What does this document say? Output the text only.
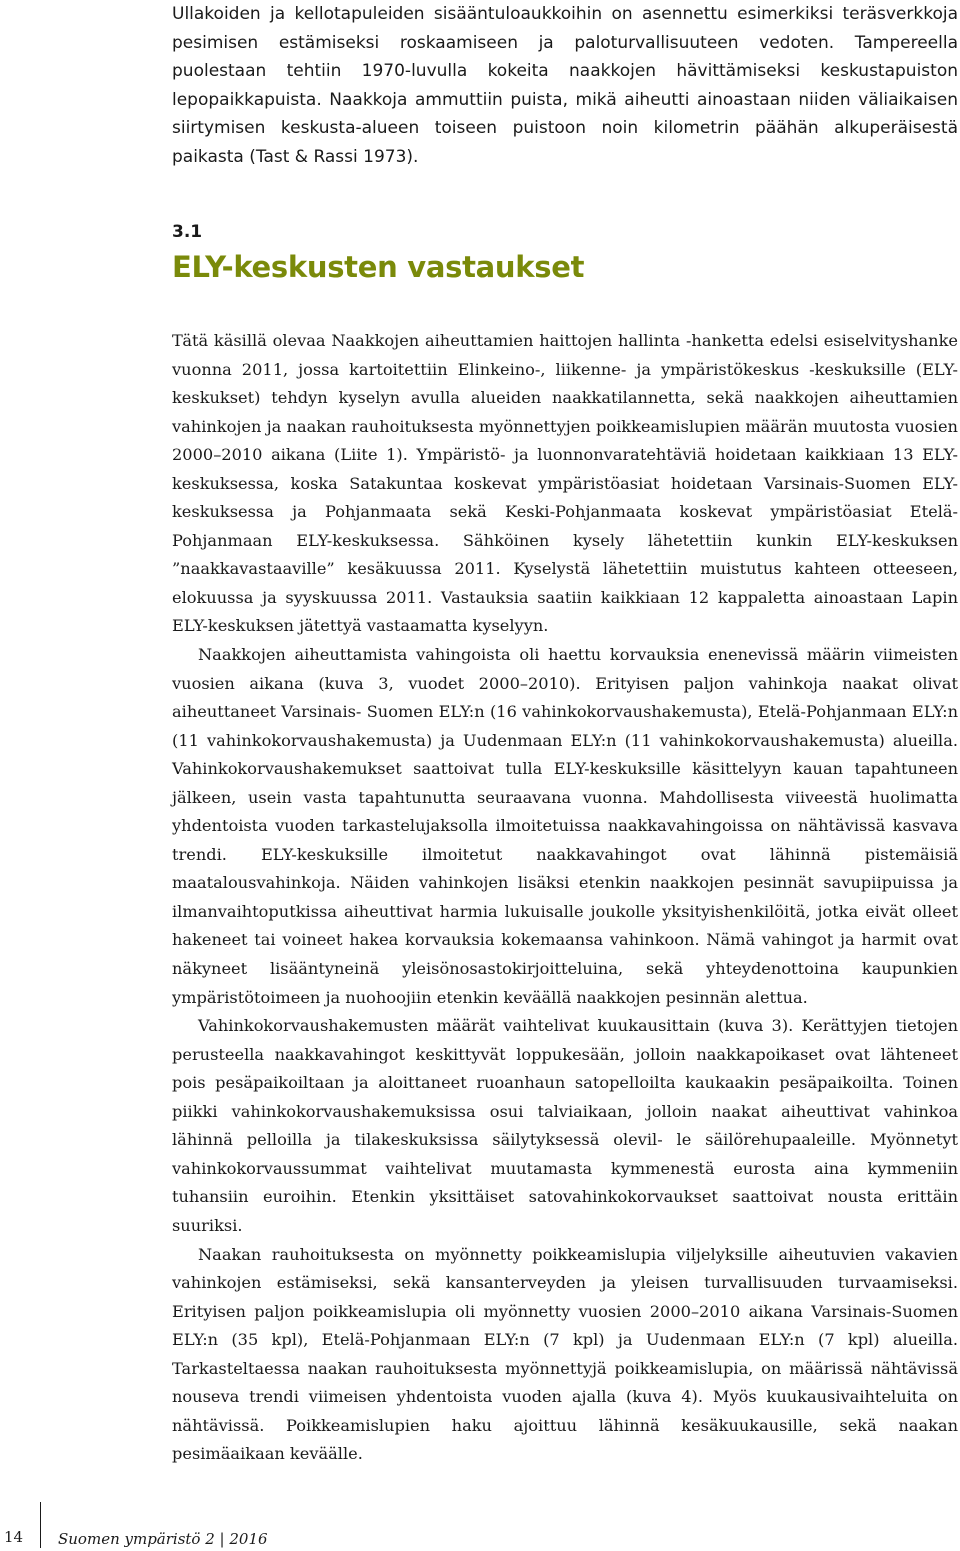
Ullakoiden ja kellotapuleiden sisääntuloaukkoihin on asennettu esimerkiksi teräsverkkoja pesimisen estämiseksi roskaamiseen ja paloturvallisuuteen vedoten. Tampereella puolestaan tehtiin 1970-luvulla kokeita naakkojen hävittämiseksi keskustapuiston lepopaikkapuista. Naakkoja ammuttiin puista, mikä aiheutti ainoastaan niiden väliaikaisen siirtymisen keskusta-alueen toiseen puistoon noin kilometrin päähän alkuperäisestä paikasta (Tast & Rassi 1973).

3.1
ELY-keskusten vastaukset

Tätä käsillä olevaa Naakkojen aiheuttamien haittojen hallinta -hanketta edelsi esiselvityshanke vuonna 2011, jossa kartoitettiin Elinkeino-, liikenne- ja ympäristökeskus -keskuksille (ELY-keskukset) tehdyn kyselyn avulla alueiden naakkatilannetta, sekä naakkojen aiheuttamien vahinkojen ja naakan rauhoituksesta myönnettyjen poikkeamislupien määrän muutosta vuosien 2000–2010 aikana (Liite 1). Ympäristö- ja luonnonvaratehtäviä hoidetaan kaikkiaan 13 ELY-keskuksessa, koska Satakuntaa koskevat ympäristöasiat hoidetaan Varsinais-Suomen ELY-keskuksessa ja Pohjanmaata sekä Keski-Pohjanmaata koskevat ympäristöasiat Etelä-Pohjanmaan ELY-keskuksessa. Sähköinen kysely lähetettiin kunkin ELY-keskuksen ”naakkavastaaville” kesäkuussa 2011. Kyselystä lähetettiin muistutus kahteen otteeseen, elokuussa ja syyskuussa 2011. Vastauksia saatiin kaikkiaan 12 kappaletta ainoastaan Lapin ELY-keskuksen jätettyä vastaamatta kyselyyn.

Naakkojen aiheuttamista vahingoista oli haettu korvauksia enenevissä määrin viimeisten vuosien aikana (kuva 3, vuodet 2000–2010). Erityisen paljon vahinkoja naakat olivat aiheuttaneet Varsinais- Suomen ELY:n (16 vahinkokorvaushakemusta), Etelä-Pohjanmaan ELY:n (11 vahinkokorvaushakemusta) ja Uudenmaan ELY:n (11 vahinkokorvaushakemusta) alueilla. Vahinkokorvaushakemukset saattoivat tulla ELY-keskuksille käsittelyyn kauan tapahtuneen jälkeen, usein vasta tapahtunutta seuraavana vuonna. Mahdollisesta viiveestä huolimatta yhdentoista vuoden tarkastelujaksolla ilmoitetuissa naakkavahingoissa on nähtävissä kasvava trendi. ELY-keskuksille ilmoitetut naakkavahingot ovat lähinnä pistemäisiä maatalousvahinkoja. Näiden vahinkojen lisäksi etenkin naakkojen pesinnät savupiipuissa ja ilmanvaihtoputkissa aiheuttivat harmia lukuisalle joukolle yksityishenkilöitä, jotka eivät olleet hakeneet tai voineet hakea korvauksia kokemaansa vahinkoon. Nämä vahingot ja harmit ovat näkyneet lisääntyneinä yleisönosastokirjoitteluina, sekä yhteydenottoina kaupunkien ympäristötoimeen ja nuohoojiin etenkin keväällä naakkojen pesinnän alettua.

Vahinkokorvaushakemusten määrät vaihtelivat kuukausittain (kuva 3). Kerättyjen tietojen perusteella naakkavahingot keskittyvät loppukesään, jolloin naakkapoikaset ovat lähteneet pois pesäpaikoiltaan ja aloittaneet ruoanhaun satopelloilta kaukaakin pesäpaikoilta. Toinen piikki vahinkokorvaushakemuksissa osui talviaikaan, jolloin naakat aiheuttivat vahinkoa lähinnä pelloilla ja tilakeskuksissa säilytyksessä olevil- le säilörehupaaleille. Myönnetyt vahinkokorvaussummat vaihtelivat muutamasta kymmenestä eurosta aina kymmeniin tuhansiin euroihin. Etenkin yksittäiset satovahinkokorvaukset saattoivat nousta erittäin suuriksi.

Naakan rauhoituksesta on myönnetty poikkeamislupia viljelyksille aiheutuvien vakavien vahinkojen estämiseksi, sekä kansanterveyden ja yleisen turvallisuuden turvaamiseksi. Erityisen paljon poikkeamislupia oli myönnetty vuosien 2000–2010 aikana Varsinais-Suomen ELY:n (35 kpl), Etelä-Pohjanmaan ELY:n (7 kpl) ja Uudenmaan ELY:n (7 kpl) alueilla. Tarkasteltaessa naakan rauhoituksesta myönnettyjä poikkeamislupia, on määrissä nähtävissä nouseva trendi viimeisen yhdentoista vuoden ajalla (kuva 4). Myös kuukausivaihteluita on nähtävissä. Poikkeamislupien haku ajoittuu lähinnä kesäkuukausille, sekä naakan pesimäaikaan keväälle.

14 Suomen ympäristö 2 | 2016
